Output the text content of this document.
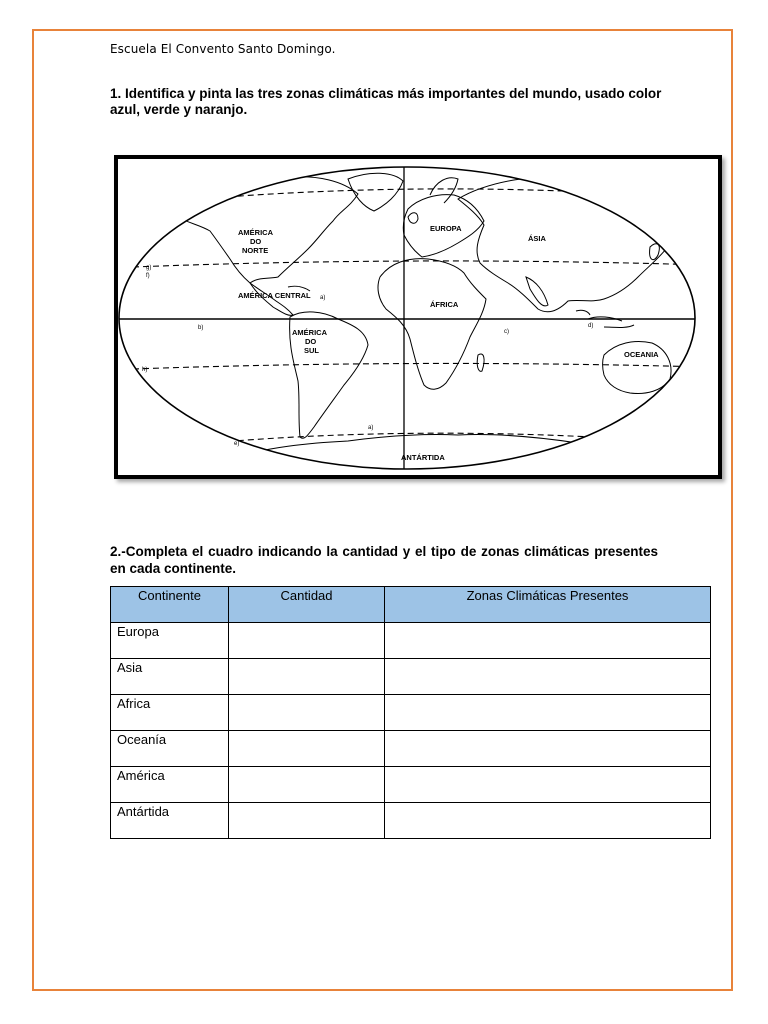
Escuela El Convento Santo Domingo.
1. Identifica y pinta las tres zonas climáticas más importantes del mundo, usado color azul, verde y naranjo.
AMÉRICA
DO
NORTE
AMÉRICA CENTRAL
AMÉRICA
DO
SUL
EUROPA
ÁSIA
ÁFRICA
OCEANIA
ANTÁRTIDA
g)
f)
a)
b)
c)
d)
h)
a)
e)
2.-Completa el cuadro indicando la cantidad y el tipo de zonas climáticas presentes en cada continente.
Continente	Cantidad	Zonas Climáticas Presentes
Europa		
Asia		
Africa		
Oceanía		
América		
Antártida		
